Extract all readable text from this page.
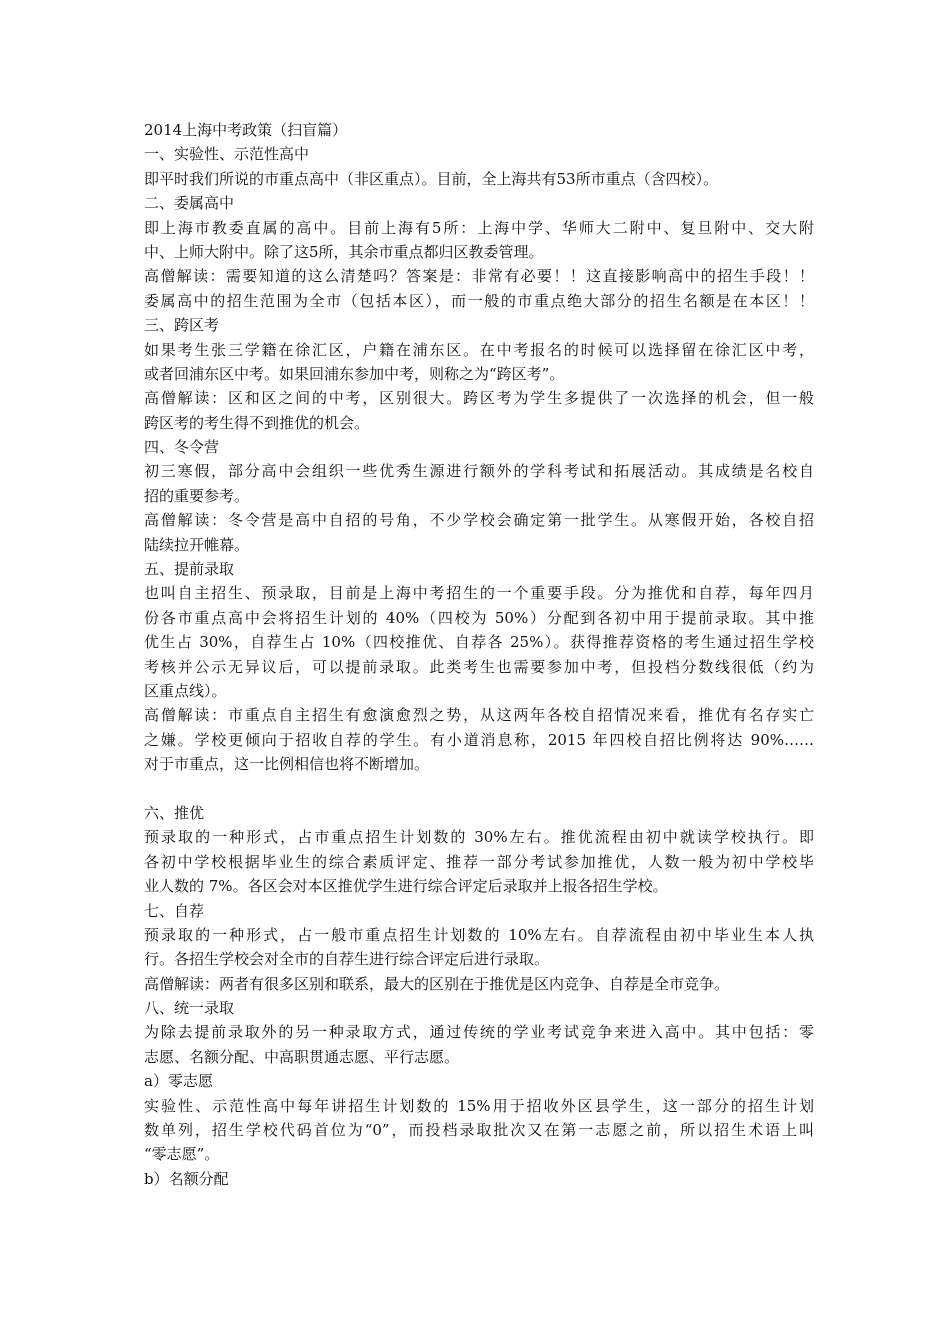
2014上海中考政策（扫盲篇）
一、实验性、示范性高中
即平时我们所说的市重点高中（非区重点）。目前，全上海共有53所市重点（含四校）。
二、委属高中
即上海市教委直属的高中。目前上海有5所：上海中学、华师大二附中、复旦附中、交大附
中、上师大附中。除了这5所，其余市重点都归区教委管理。
高僧解读：需要知道的这么清楚吗？答案是：非常有必要！！这直接影响高中的招生手段！！
委属高中的招生范围为全市（包括本区），而一般的市重点绝大部分的招生名额是在本区！！
三、跨区考
如果考生张三学籍在徐汇区，户籍在浦东区。在中考报名的时候可以选择留在徐汇区中考，
或者回浦东区中考。如果回浦东参加中考，则称之为“跨区考”。
高僧解读：区和区之间的中考，区别很大。跨区考为学生多提供了一次选择的机会，但一般
跨区考的考生得不到推优的机会。
四、冬令营
初三寒假，部分高中会组织一些优秀生源进行额外的学科考试和拓展活动。其成绩是名校自
招的重要参考。
高僧解读：冬令营是高中自招的号角，不少学校会确定第一批学生。从寒假开始，各校自招
陆续拉开帷幕。
五、提前录取
也叫自主招生、预录取，目前是上海中考招生的一个重要手段。分为推优和自荐，每年四月
份各市重点高中会将招生计划的 40%（四校为 50%）分配到各初中用于提前录取。其中推
优生占 30%，自荐生占 10%（四校推优、自荐各 25%）。获得推荐资格的考生通过招生学校
考核并公示无异议后，可以提前录取。此类考生也需要参加中考，但投档分数线很低（约为
区重点线）。
高僧解读：市重点自主招生有愈演愈烈之势，从这两年各校自招情况来看，推优有名存实亡
之嫌。学校更倾向于招收自荐的学生。有小道消息称，2015 年四校自招比例将达 90%……
对于市重点，这一比例相信也将不断增加。
六、推优
预录取的一种形式，占市重点招生计划数的 30%左右。推优流程由初中就读学校执行。即
各初中学校根据毕业生的综合素质评定、推荐一部分考试参加推优，人数一般为初中学校毕
业人数的 7%。各区会对本区推优学生进行综合评定后录取并上报各招生学校。
七、自荐
预录取的一种形式，占一般市重点招生计划数的 10%左右。自荐流程由初中毕业生本人执
行。各招生学校会对全市的自荐生进行综合评定后进行录取。
高僧解读：两者有很多区别和联系，最大的区别在于推优是区内竞争、自荐是全市竞争。
八、统一录取
为除去提前录取外的另一种录取方式，通过传统的学业考试竞争来进入高中。其中包括：零
志愿、名额分配、中高职贯通志愿、平行志愿。
a）零志愿
实验性、示范性高中每年讲招生计划数的 15%用于招收外区县学生，这一部分的招生计划
数单列，招生学校代码首位为“0”，而投档录取批次又在第一志愿之前，所以招生术语上叫
“零志愿”。
b）名额分配
